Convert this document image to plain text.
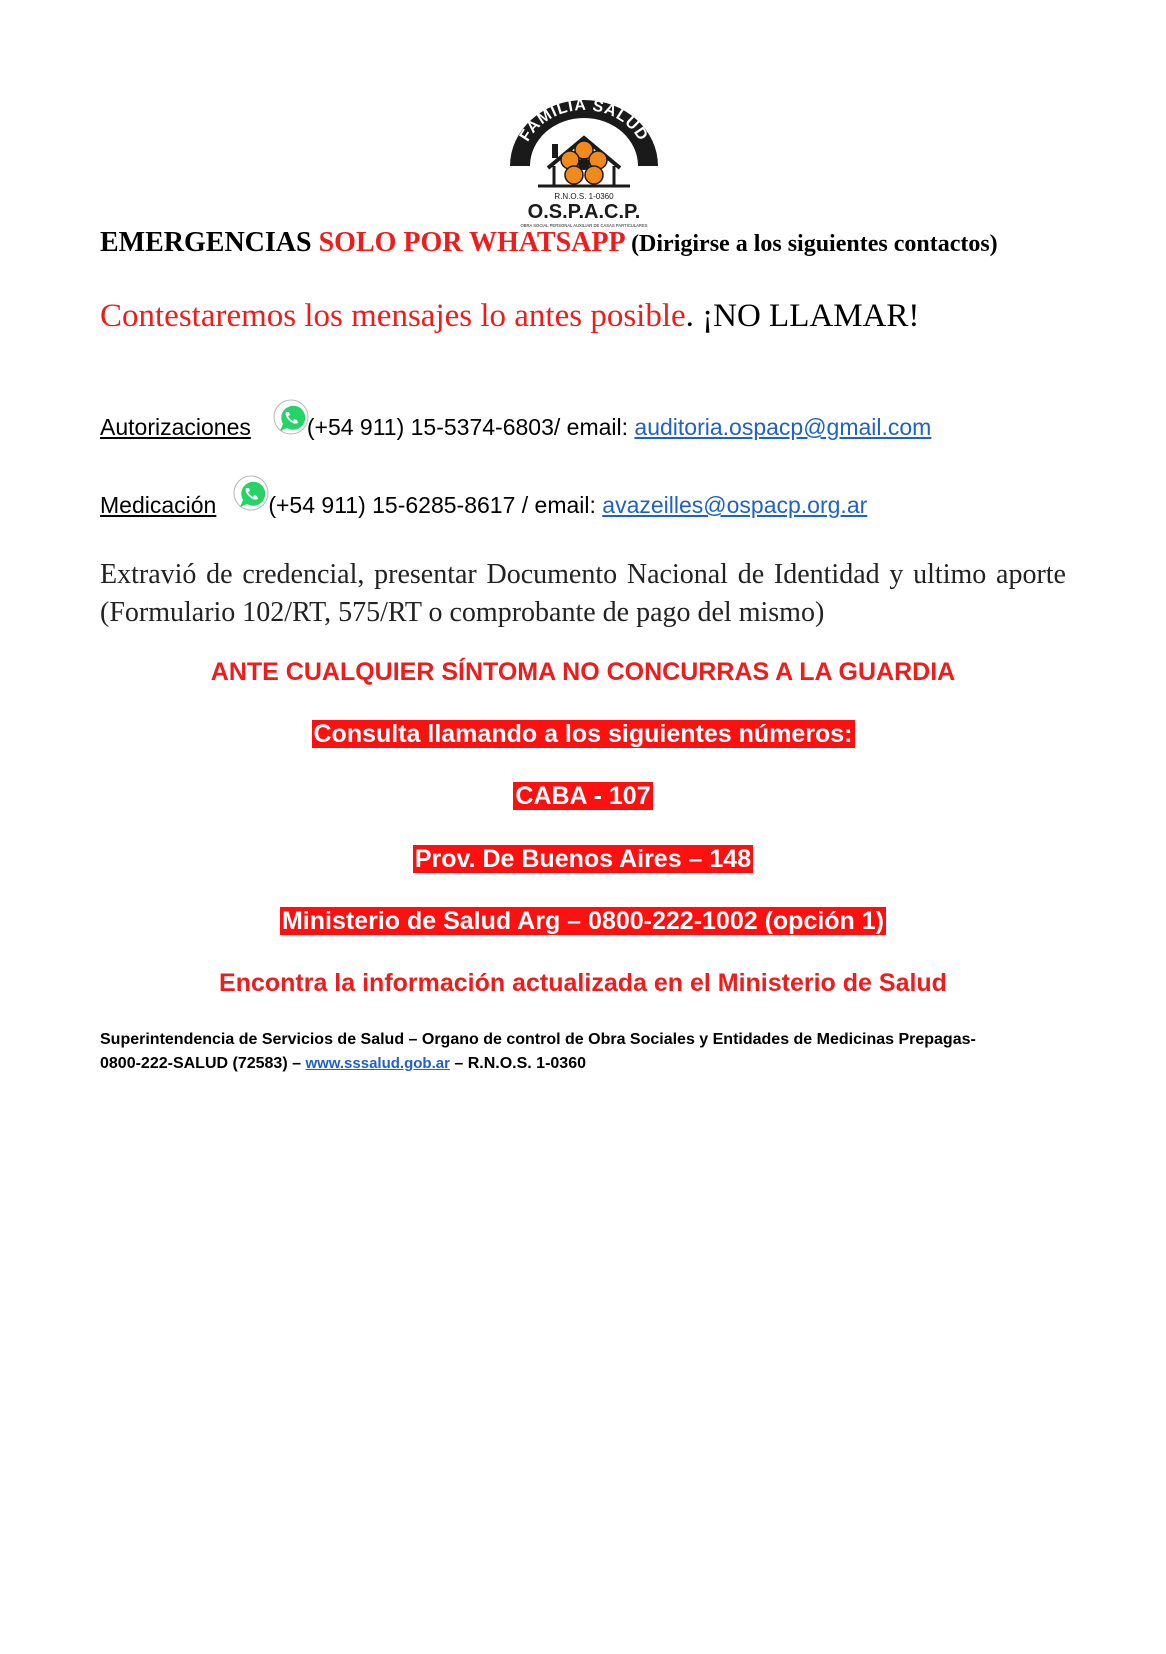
FAMILIA SALUD
R.N.O.S. 1-0360
O.S.P.A.C.P.
OBRA SOCIAL PERSONAL AUXILIAR DE CASAS PARTICULARES
EMERGENCIAS SOLO POR WHATSAPP (Dirigirse a los siguientes contactos)
Contestaremos los mensajes lo antes posible. ¡NO LLAMAR!
Autorizaciones (+54 911) 15-5374-6803/ email: auditoria.ospacp@gmail.com
Medicación (+54 911) 15-6285-8617 / email: avazeilles@ospacp.org.ar
Extravió de credencial, presentar Documento Nacional de Identidad y ultimo aporte (Formulario 102/RT, 575/RT o comprobante de pago del mismo)
ANTE CUALQUIER SÍNTOMA NO CONCURRAS A LA GUARDIA
Consulta llamando a los siguientes números:
CABA - 107
Prov. De Buenos Aires – 148
Ministerio de Salud Arg – 0800-222-1002 (opción 1)
Encontra la información actualizada en el Ministerio de Salud
Superintendencia de Servicios de Salud – Organo de control de Obra Sociales y Entidades de Medicinas Prepagas-
0800-222-SALUD (72583) – www.sssalud.gob.ar – R.N.O.S. 1-0360
